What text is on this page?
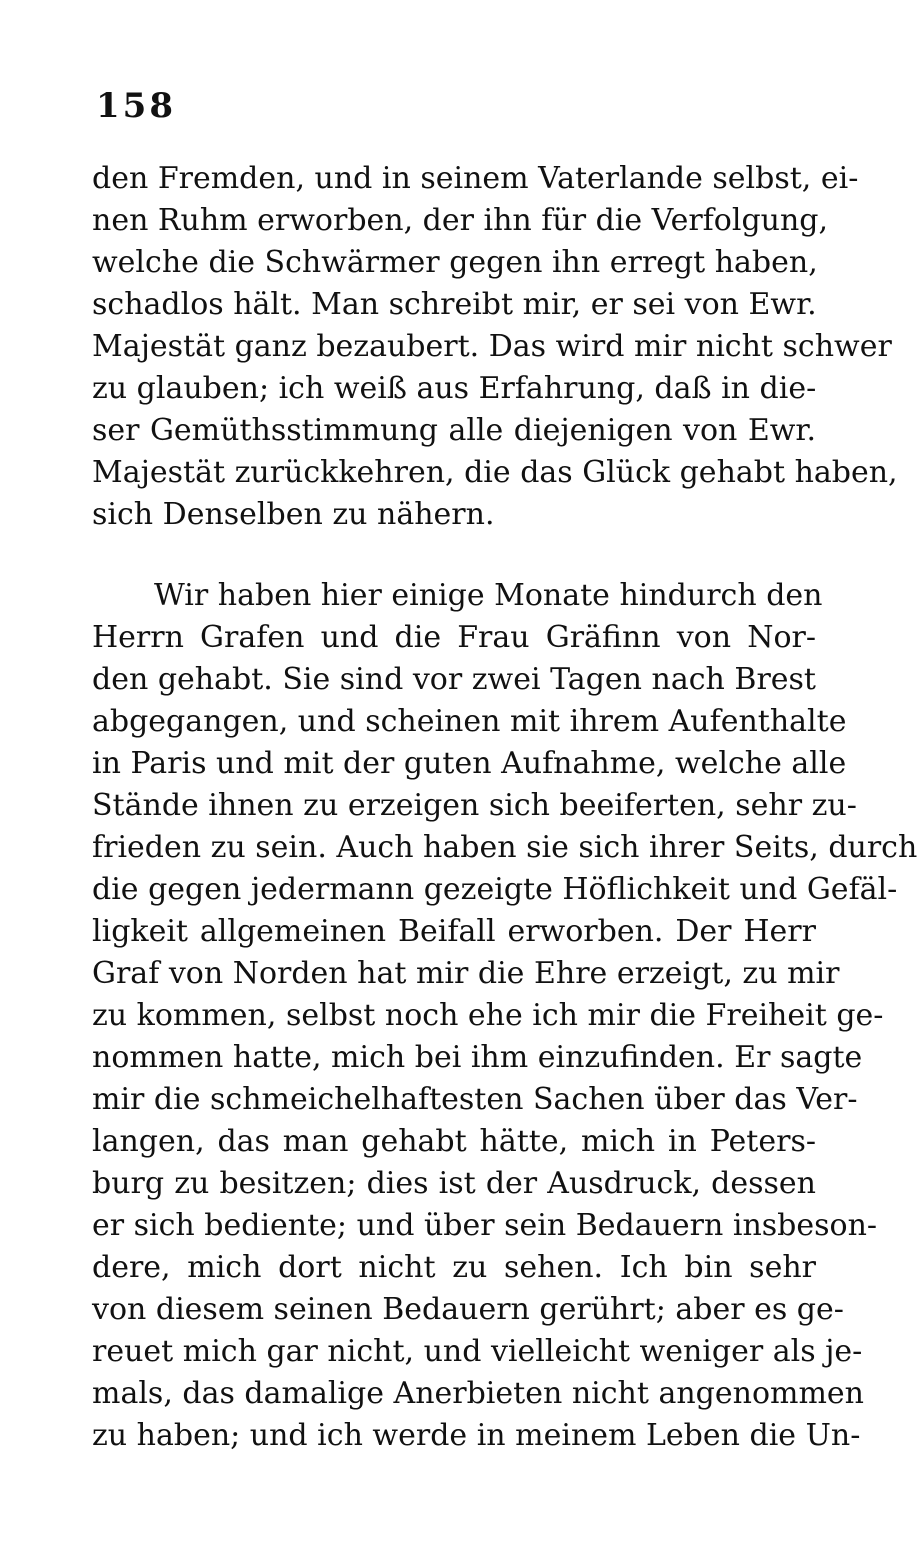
158
den Fremden, und in seinem Vaterlande selbst, ei-
nen Ruhm erworben, der ihn für die Verfolgung,
welche die Schwärmer gegen ihn erregt haben,
schadlos hält. Man schreibt mir, er sei von Ewr.
Majestät ganz bezaubert. Das wird mir nicht schwer
zu glauben; ich weiß aus Erfahrung, daß in die-
ser Gemüthsstimmung alle diejenigen von Ewr.
Majestät zurückkehren, die das Glück gehabt haben,
sich Denselben zu nähern.
Wir haben hier einige Monate hindurch den
Herrn Grafen und die Frau Gräfinn von Nor-
den gehabt. Sie sind vor zwei Tagen nach Brest
abgegangen, und scheinen mit ihrem Aufenthalte
in Paris und mit der guten Aufnahme, welche alle
Stände ihnen zu erzeigen sich beeiferten, sehr zu-
frieden zu sein. Auch haben sie sich ihrer Seits, durch
die gegen jedermann gezeigte Höflichkeit und Gefäl-
ligkeit allgemeinen Beifall erworben. Der Herr
Graf von Norden hat mir die Ehre erzeigt, zu mir
zu kommen, selbst noch ehe ich mir die Freiheit ge-
nommen hatte, mich bei ihm einzufinden. Er sagte
mir die schmeichelhaftesten Sachen über das Ver-
langen, das man gehabt hätte, mich in Peters-
burg zu besitzen; dies ist der Ausdruck, dessen
er sich bediente; und über sein Bedauern insbeson-
dere, mich dort nicht zu sehen. Ich bin sehr
von diesem seinen Bedauern gerührt; aber es ge-
reuet mich gar nicht, und vielleicht weniger als je-
mals, das damalige Anerbieten nicht angenommen
zu haben; und ich werde in meinem Leben die Un-
